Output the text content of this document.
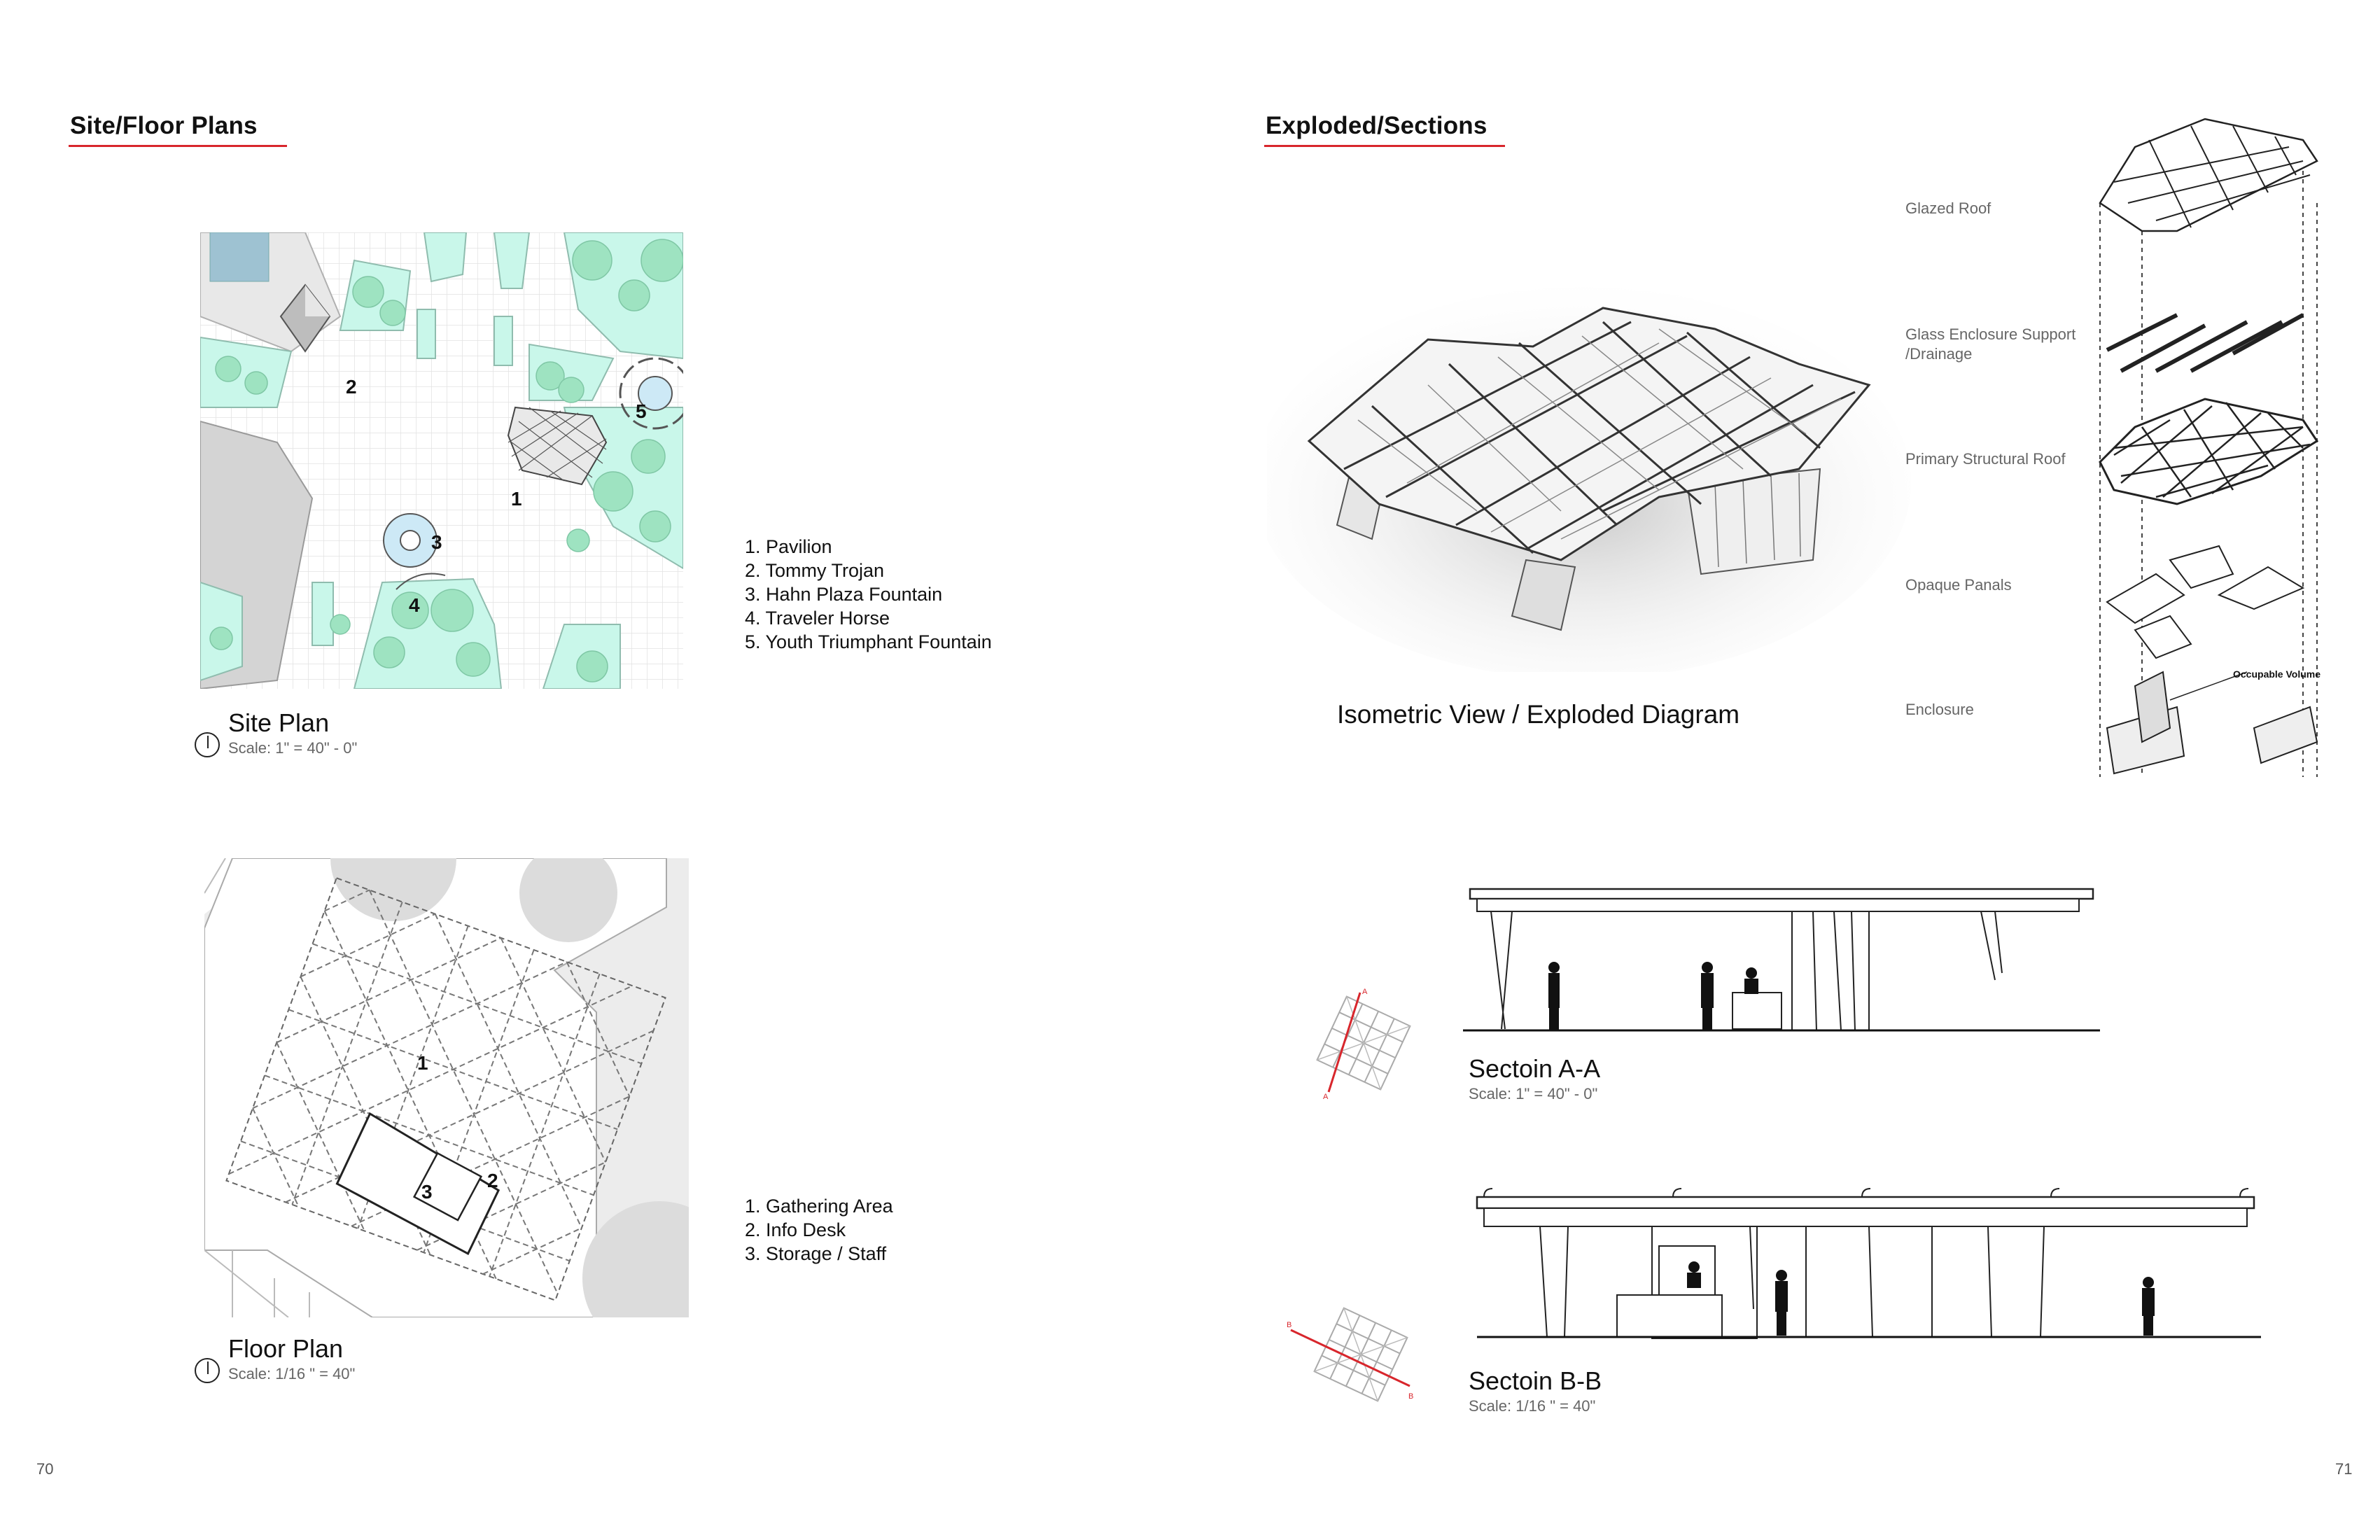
Site/Floor Plans
2
5
1
3
4
1. Pavilion
2. Tommy Trojan
3. Hahn Plaza Fountain
4. Traveler Horse
5. Youth Triumphant Fountain
Site Plan
Scale: 1" = 40" - 0"
1
2
3
1. Gathering Area
2. Info Desk
3. Storage / Staff
Floor Plan
Scale: 1/16 " = 40"
70
Exploded/Sections
Isometric View / Exploded Diagram
Glazed Roof
Glass Enclosure Support /Drainage
Primary Structural Roof
Opaque Panals
Enclosure
Occupable Volume
A
A
Sectoin A-A
Scale: 1" = 40" - 0"
B
B
Sectoin B-B
Scale: 1/16 " = 40"
71
